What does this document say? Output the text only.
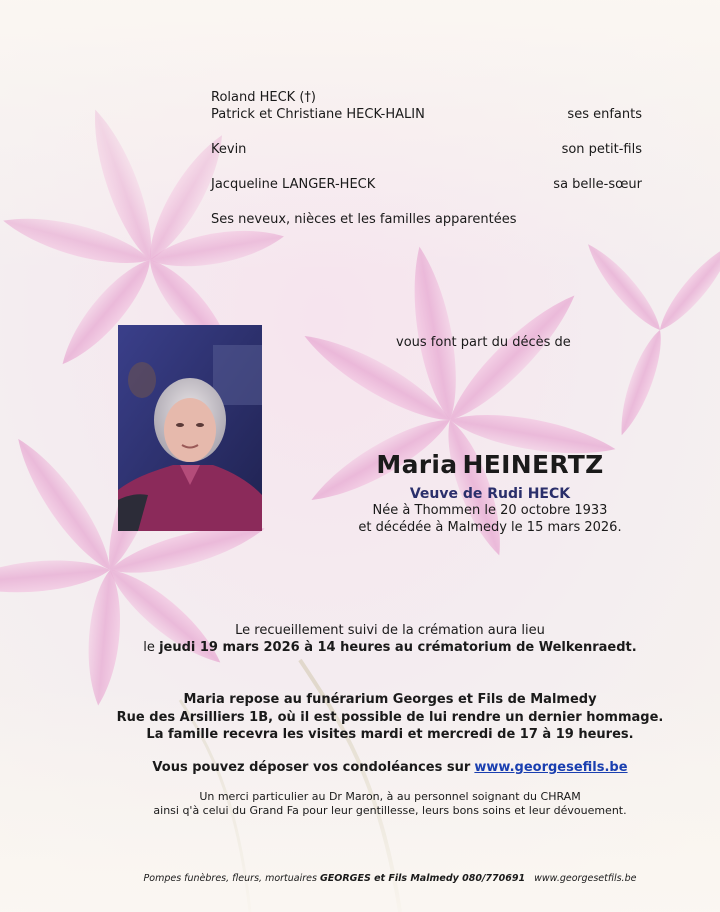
Roland HECK (†)
Patrick et Christiane HECK-HALIN	ses enfants
Kevin	son petit-fils
Jacqueline LANGER-HECK	sa belle-sœur
Ses neveux, nièces et les familles apparentées
vous font part du décès de
Maria HEINERTZ
Veuve de Rudi HECK
Née à Thommen le 20 octobre 1933
et décédée à Malmedy le 15 mars 2026.
Le recueillement suivi de la crémation aura lieu
le jeudi 19 mars 2026 à 14 heures au crématorium de Welkenraedt.
Maria repose au funérarium Georges et Fils de Malmedy
Rue des Arsilliers 1B, où il est possible de lui rendre un dernier hommage.
La famille recevra les visites mardi et mercredi de 17 à 19 heures.
Vous pouvez déposer vos condoléances sur www.georgesefils.be
Un merci particulier au Dr Maron, à au personnel soignant du CHRAM
ainsi q'à celui du Grand Fa pour leur gentillesse, leurs bons soins et leur dévouement.
Pompes funèbres, fleurs, mortuaires GEORGES et Fils Malmedy 080/770691 www.georgesetfils.be
